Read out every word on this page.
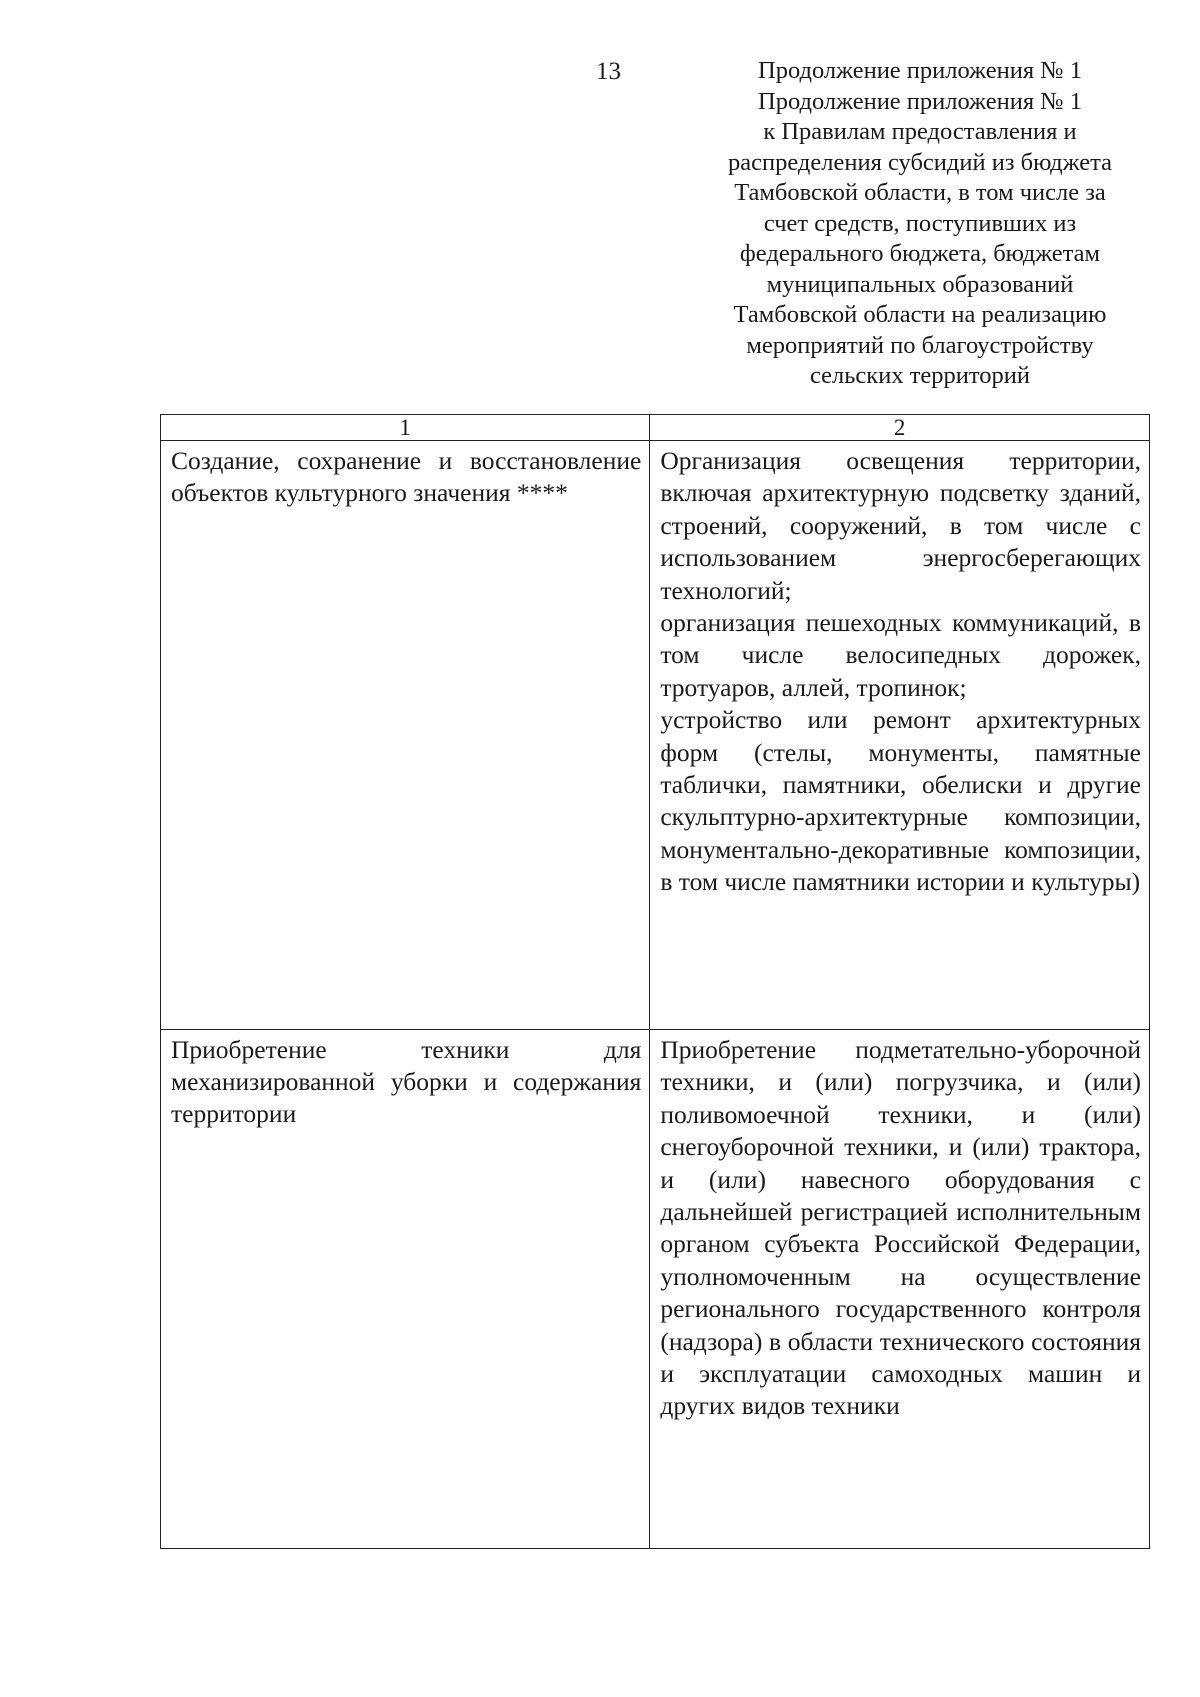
13	Продолжение приложения № 1
Продолжение приложения № 1
к Правилам предоставления и
распределения субсидий из бюджета
Тамбовской области, в том числе за
счет средств, поступивших из
федерального бюджета, бюджетам
муниципальных образований
Тамбовской области на реализацию
мероприятий по благоустройству
сельских территорий
1	2

Создание, сохранение и восстановление объектов культурного значения ****	Организация освещения территории, включая архитектурную подсветку зданий, строений, сооружений, в том числе с использованием энергосберегающих технологий;
организация пешеходных коммуникаций, в том числе велосипедных дорожек, тротуаров, аллей, тропинок;
устройство или ремонт архитектурных форм (стелы, монументы, памятные таблички, памятники, обелиски и другие скульптурно-архитектурные композиции, монументально-декоративные композиции, в том числе памятники истории и культуры)

Приобретение техники для механизированной уборки и содержания территории	Приобретение подметательно-уборочной техники, и (или) погрузчика, и (или) поливомоечной техники, и (или) снегоуборочной техники, и (или) трактора, и (или) навесного оборудования с дальнейшей регистрацией исполнительным органом субъекта Российской Федерации, уполномоченным на осуществление регионального государственного контроля (надзора) в области технического состояния и эксплуатации самоходных машин и других видов техники
